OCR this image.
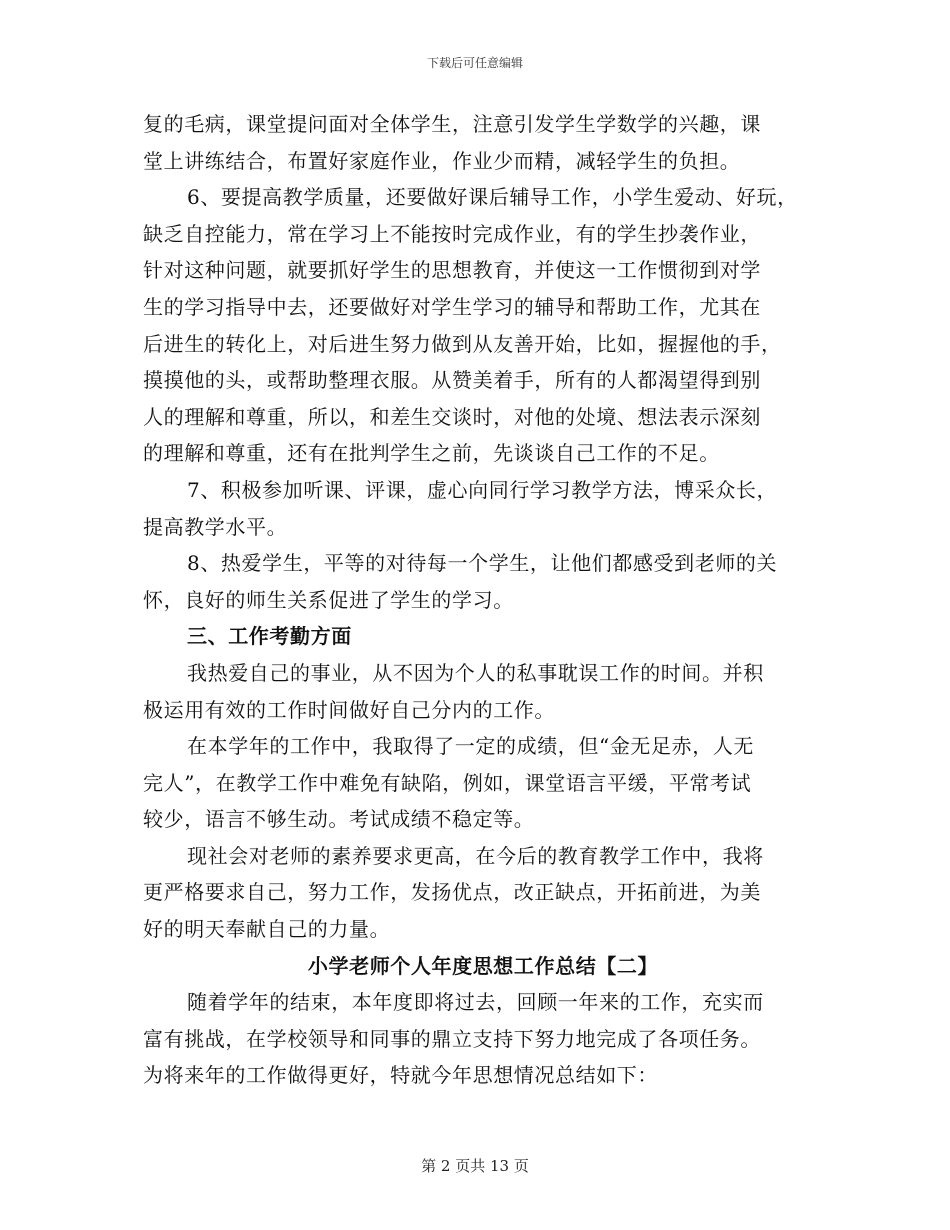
下载后可任意编辑
复的毛病，课堂提问面对全体学生，注意引发学生学数学的兴趣，课
堂上讲练结合，布置好家庭作业，作业少而精，减轻学生的负担。
6、要提高教学质量，还要做好课后辅导工作，小学生爱动、好玩，
缺乏自控能力，常在学习上不能按时完成作业，有的学生抄袭作业，
针对这种问题，就要抓好学生的思想教育，并使这一工作惯彻到对学
生的学习指导中去，还要做好对学生学习的辅导和帮助工作，尤其在
后进生的转化上，对后进生努力做到从友善开始，比如，握握他的手，
摸摸他的头，或帮助整理衣服。从赞美着手，所有的人都渴望得到别
人的理解和尊重，所以，和差生交谈时，对他的处境、想法表示深刻
的理解和尊重，还有在批判学生之前，先谈谈自己工作的不足。
7、积极参加听课、评课，虚心向同行学习教学方法，博采众长，
提高教学水平。
8、热爱学生，平等的对待每一个学生，让他们都感受到老师的关
怀，良好的师生关系促进了学生的学习。
三、工作考勤方面
我热爱自己的事业，从不因为个人的私事耽误工作的时间。并积
极运用有效的工作时间做好自己分内的工作。
在本学年的工作中，我取得了一定的成绩，但“金无足赤，人无
完人”，在教学工作中难免有缺陷，例如，课堂语言平缓，平常考试
较少，语言不够生动。考试成绩不稳定等。
现社会对老师的素养要求更高，在今后的教育教学工作中，我将
更严格要求自己，努力工作，发扬优点，改正缺点，开拓前进，为美
好的明天奉献自己的力量。
小学老师个人年度思想工作总结【二】
随着学年的结束，本年度即将过去，回顾一年来的工作，充实而
富有挑战，在学校领导和同事的鼎立支持下努力地完成了各项任务。
为将来年的工作做得更好，特就今年思想情况总结如下：
第 2 页共 13 页
